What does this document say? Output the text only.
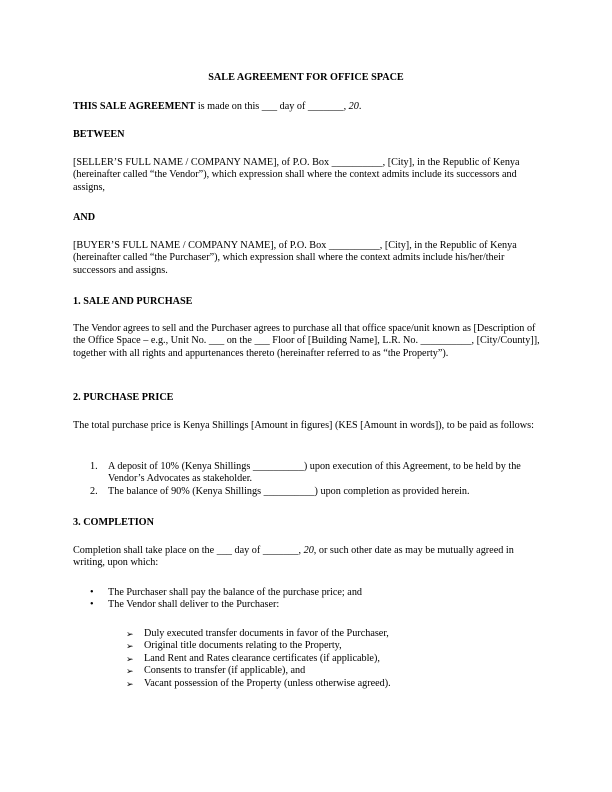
SALE AGREEMENT FOR OFFICE SPACE
THIS SALE AGREEMENT is made on this ___ day of _______, 20.
BETWEEN
[SELLER’S FULL NAME / COMPANY NAME], of P.O. Box __________, [City], in the Republic of Kenya (hereinafter called “the Vendor”), which expression shall where the context admits include its successors and assigns,
AND
[BUYER’S FULL NAME / COMPANY NAME], of P.O. Box __________, [City], in the Republic of Kenya (hereinafter called “the Purchaser”), which expression shall where the context admits include his/her/their successors and assigns.
1. SALE AND PURCHASE
The Vendor agrees to sell and the Purchaser agrees to purchase all that office space/unit known as [Description of the Office Space – e.g., Unit No. ___ on the ___ Floor of [Building Name], L.R. No. __________, [City/County]], together with all rights and appurtenances thereto (hereinafter referred to as “the Property”).
2. PURCHASE PRICE
The total purchase price is Kenya Shillings [Amount in figures] (KES [Amount in words]), to be paid as follows:
1. A deposit of 10% (Kenya Shillings __________) upon execution of this Agreement, to be held by the Vendor’s Advocates as stakeholder.
2. The balance of 90% (Kenya Shillings __________) upon completion as provided herein.
3. COMPLETION
Completion shall take place on the ___ day of _______, 20, or such other date as may be mutually agreed in writing, upon which:
• The Purchaser shall pay the balance of the purchase price; and
• The Vendor shall deliver to the Purchaser:
➢ Duly executed transfer documents in favor of the Purchaser,
➢ Original title documents relating to the Property,
➢ Land Rent and Rates clearance certificates (if applicable),
➢ Consents to transfer (if applicable), and
➢ Vacant possession of the Property (unless otherwise agreed).
